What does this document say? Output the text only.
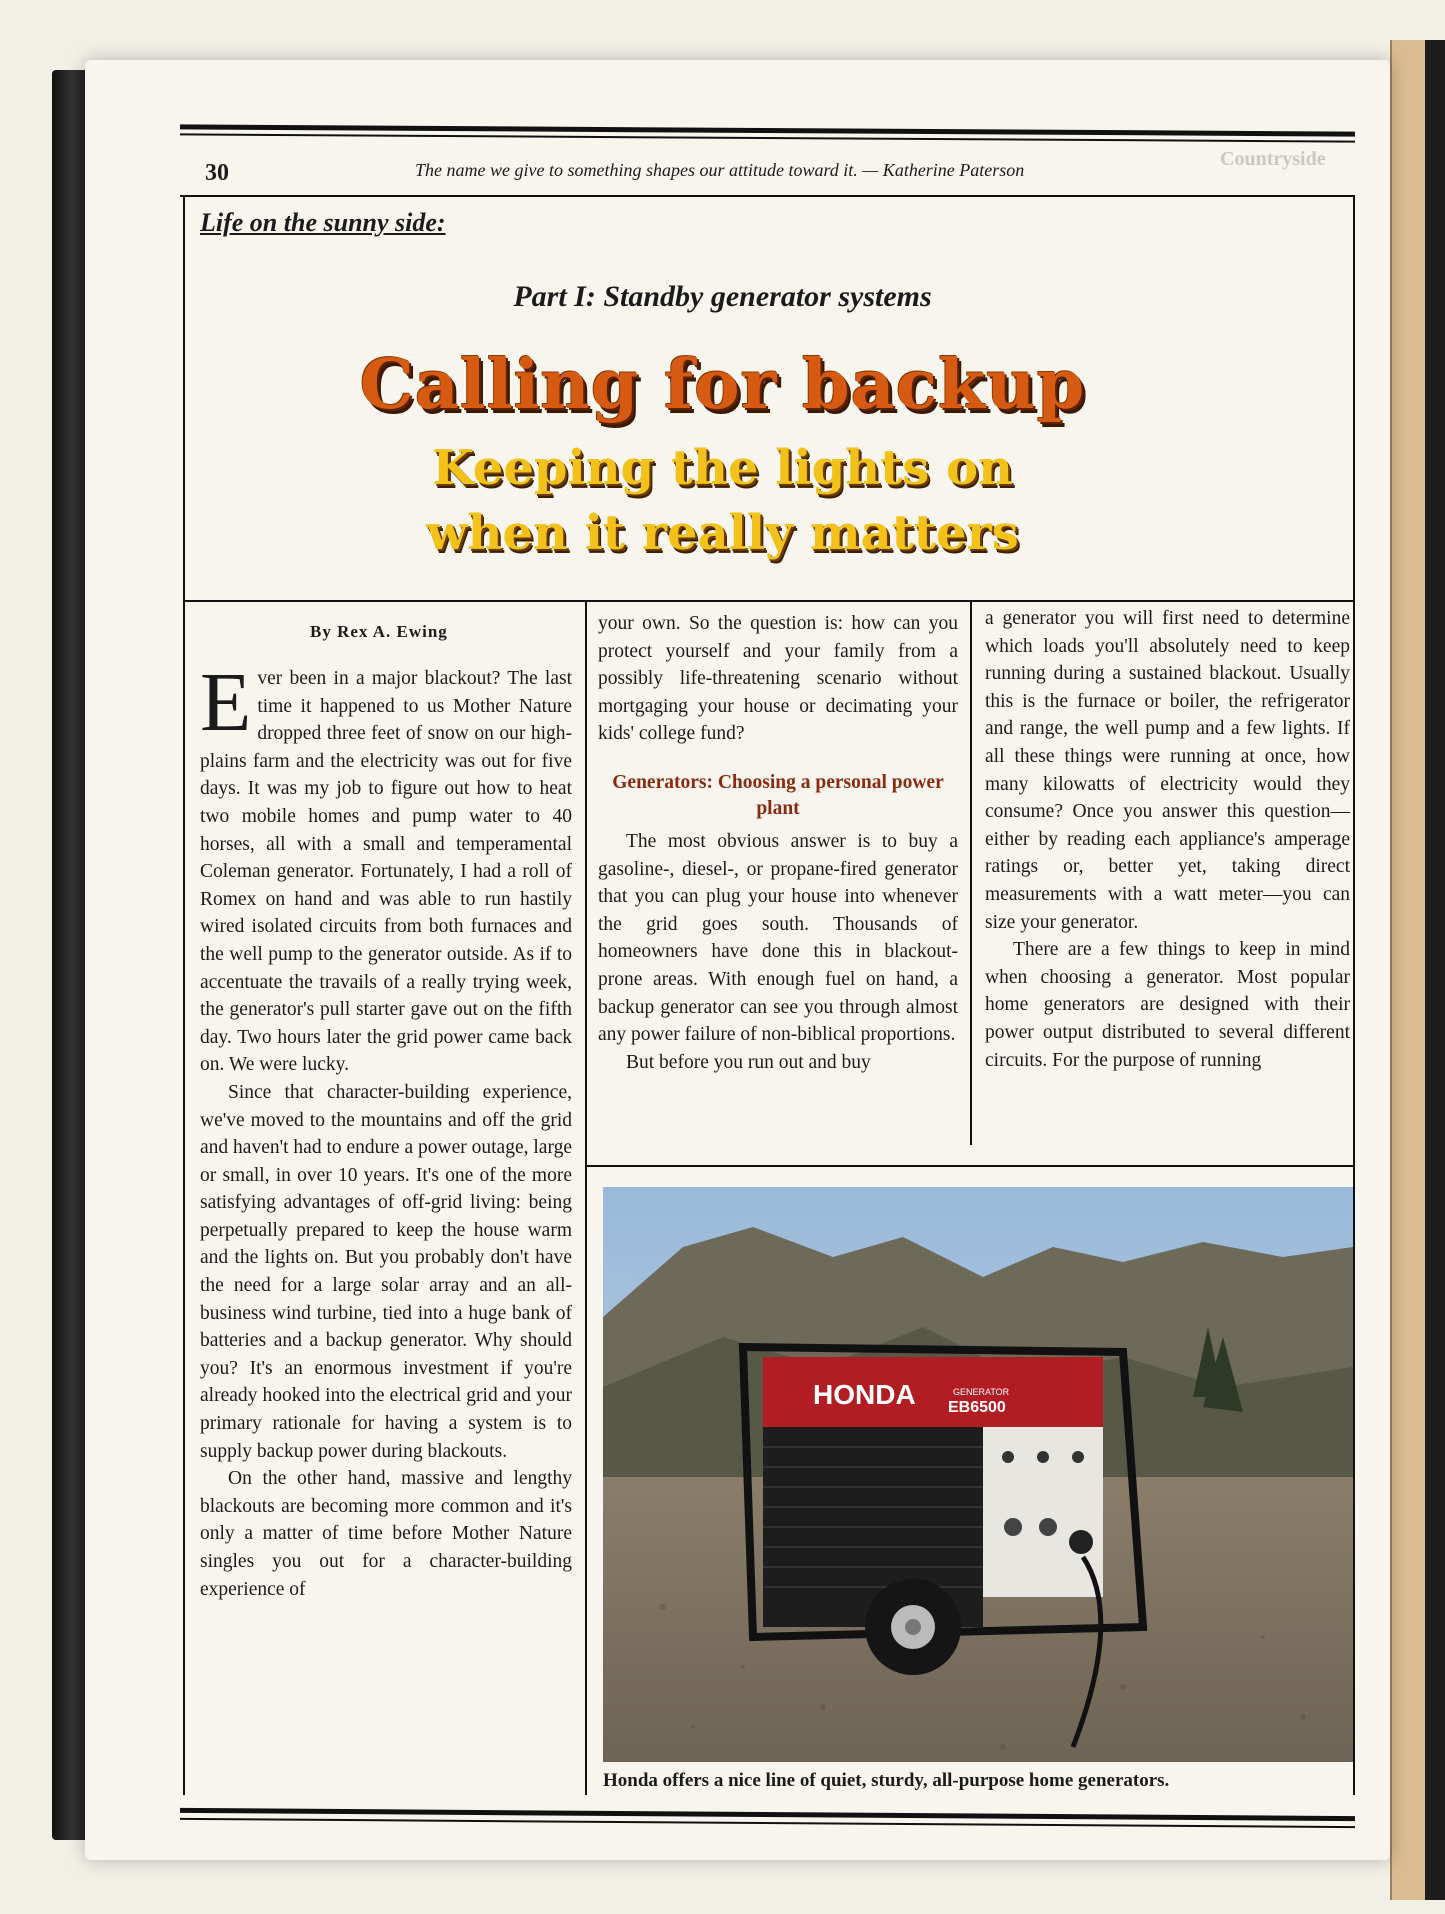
30	The name we give to something shapes our attitude toward it. — Katherine Paterson	Countryside
Life on the sunny side:
Part I: Standby generator systems
Calling for backup
Keeping the lights on
when it really matters
By Rex A. Ewing

Ever been in a major blackout? The last time it happened to us Mother Nature dropped three feet of snow on our high-plains farm and the electricity was out for five days. It was my job to figure out how to heat two mobile homes and pump water to 40 horses, all with a small and temperamental Coleman generator. Fortunately, I had a roll of Romex on hand and was able to run hastily wired isolated circuits from both furnaces and the well pump to the generator outside. As if to accentuate the travails of a really trying week, the generator's pull starter gave out on the fifth day. Two hours later the grid power came back on. We were lucky.

Since that character-building experience, we've moved to the mountains and off the grid and haven't had to endure a power outage, large or small, in over 10 years. It's one of the more satisfying advantages of off-grid living: being perpetually prepared to keep the house warm and the lights on. But you probably don't have the need for a large solar array and an all-business wind turbine, tied into a huge bank of batteries and a backup generator. Why should you? It's an enormous investment if you're already hooked into the electrical grid and your primary rationale for having a system is to supply backup power during blackouts.

On the other hand, massive and lengthy blackouts are becoming more common and it's only a matter of time before Mother Nature singles you out for a character-building experience of

your own. So the question is: how can you protect yourself and your family from a possibly life-threatening scenario without mortgaging your house or decimating your kids' college fund?

Generators: Choosing a personal power plant

The most obvious answer is to buy a gasoline-, diesel-, or propane-fired generator that you can plug your house into whenever the grid goes south. Thousands of homeowners have done this in blackout-prone areas. With enough fuel on hand, a backup generator can see you through almost any power failure of non-biblical proportions.

But before you run out and buy

a generator you will first need to determine which loads you'll absolutely need to keep running during a sustained blackout. Usually this is the furnace or boiler, the refrigerator and range, the well pump and a few lights. If all these things were running at once, how many kilowatts of electricity would they consume? Once you answer this question—either by reading each appliance's amperage ratings or, better yet, taking direct measurements with a watt meter—you can size your generator.

There are a few things to keep in mind when choosing a generator. Most popular home generators are designed with their power output distributed to several different circuits. For the purpose of running

HONDA	GENERATOR
EB6500
Honda offers a nice line of quiet, sturdy, all-purpose home generators.
